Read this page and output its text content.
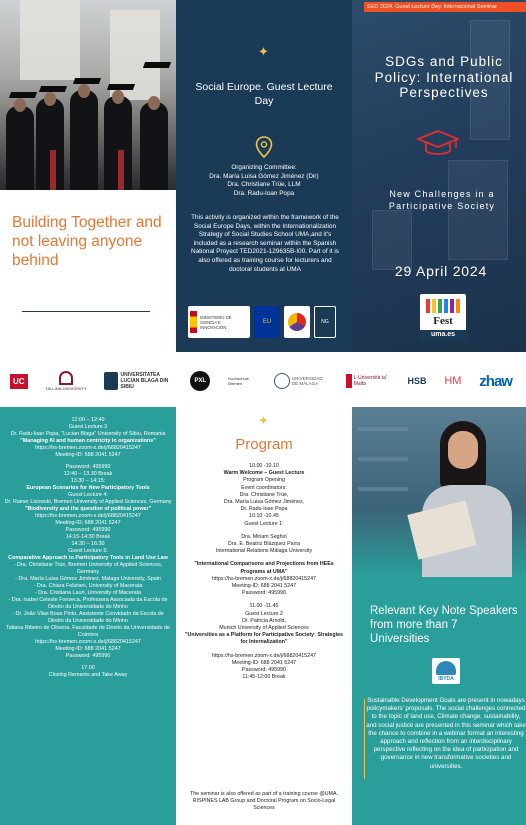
Building Together and not leaving anyone behind
✦
Social Europe. Guest Lecture Day

Organizing Committee:

Dra. María Luisa Gómez Jiménez (Dir)

Dra. Christiane Trüe, LLM

Dra. Radu-Ioan Popa

This activity is organized within the framework of the Social Europe Days, within the Internationalization Strategy of Social Studies School UMA,and it's included as a research seminar within the Spanish National Proyect TED2021-129635B-I00. Part of it is also offered as training course for lecturers and doctoral students at UMA
MINISTERIO DE CIENCIA E INNOVACIÓN
EU	NG
SED 2024. Guest Lecture Day. Internacional Seminar
SDGs and Public Policy: International Perspectives
New Challenges in a Participative Society
29 April 2024
Fest
uma.es
UC
TALLINN UNIVERSITY
UNIVERSITATEA LUCIAN BLAGA DIN SIBIU
PXL	Hochschule Bremen
UNIVERSIDAD DE MÁLAGA
L-Università ta' Malta	HSB HM zhaw

12:00 – 12:40

Guest Lecture 3

Dr. Radu-Ioan Popa, "Lucian Blaga" University of Sibiu, Romania

"Managing AI and human centricity in organizations"

https://hs-bremen.zoom-x.de/j/68820415247

Meeting-ID: 688 2041 5247

Password: 495990

12:40 – 13.30 Break

13.30 – 14:15:

European Scenarios for New Participatory Tools

Guest Lecture 4:

Dr. Rainer Lisowski, Bremen University of Applied Sciences, Germany

"Biodiversity and the question of political power"

https://hs-bremen.zoom-x.de/j/68820415247

Meeting-ID: 688 2041 5247

Password: 495990

14:15-14:30 Break

14.30 – 16:30

Guest Lecture 5:

Comparative Approach to Participatory Tools in Land Use Law

- Dra. Christiane Trüe, Bremen University of Applied Sciences, Germany

- Dra. María Luisa Gómez Jiménez, Malaga University, Spain

- Dra. Chiara Feliziani, University of Macerata

- Dra. Cristiana Lauri, University of Macerata

- Dra. Isabel Celeste Fonseca, Professora Associada da Escola de Direito da Universidade do Minho

- Dr. João Vilas Boas Pinto, Assistente Convidado da Escola de Direito da Universidade do Minho

Tatiana Ribeiro de Oliveira, Faculdade de Direito da Universidade de Coimbra

https://hs-bremen.zoom-x.de/j/68820415247

Meeting-ID: 688 2041 5247

Password: 495990

17.00

Closing Remarks and Take Away

✦
Program

10.00 -10.10

Warm Welcome – Guest Lecture

Program Opening

Event coordinators:

Dra. Christiane Trüe,

Dra. María Luisa Gómez Jiménez,

Dr. Radu-Ioan Popa

10.10 -10.45

Guest Lecture 1:

Dra. Miriam Seghiri

Dra. E. Beatriz Blázquez Parra

International Relations Málaga University

"International Comparisons and Projections from HEEs Programs at UMA"

https://hs-bremen.zoom-x.de/j/68820415247

Meeting-ID: 688 2041 5247

Password: 495990

11.00 -11.45

Guest Lecture 2

Dr. Patricia Arnold,

Munich University of Applied Sciences

"Universities as a Platform for Participative Society: Strategies for Internalization"

https://hs-bremen.zoom-x.de/j/68820415247

Meeting-ID: 688 2041 5247

Password: 495990

11:45-12:00 Break

The seminar is also offered as part of a training course @UMA. RISPINES LAB Group and Doctoral Program on Socio-Legal Sciences
Relevant Key Note Speakers from more than 7 Universities
IBYDA
Sustainable Development Goals are present in nowadays policymakers' proposals. The social challenges connected to the topic of land use, Climate change, sustainability, and social justice are presented in this seminar which take the chance to combine in a webinar format an interesting approach and reflection from an interdisciplinary perspective reflecting on the idea of participation and governance in new transformative societies and universities.
